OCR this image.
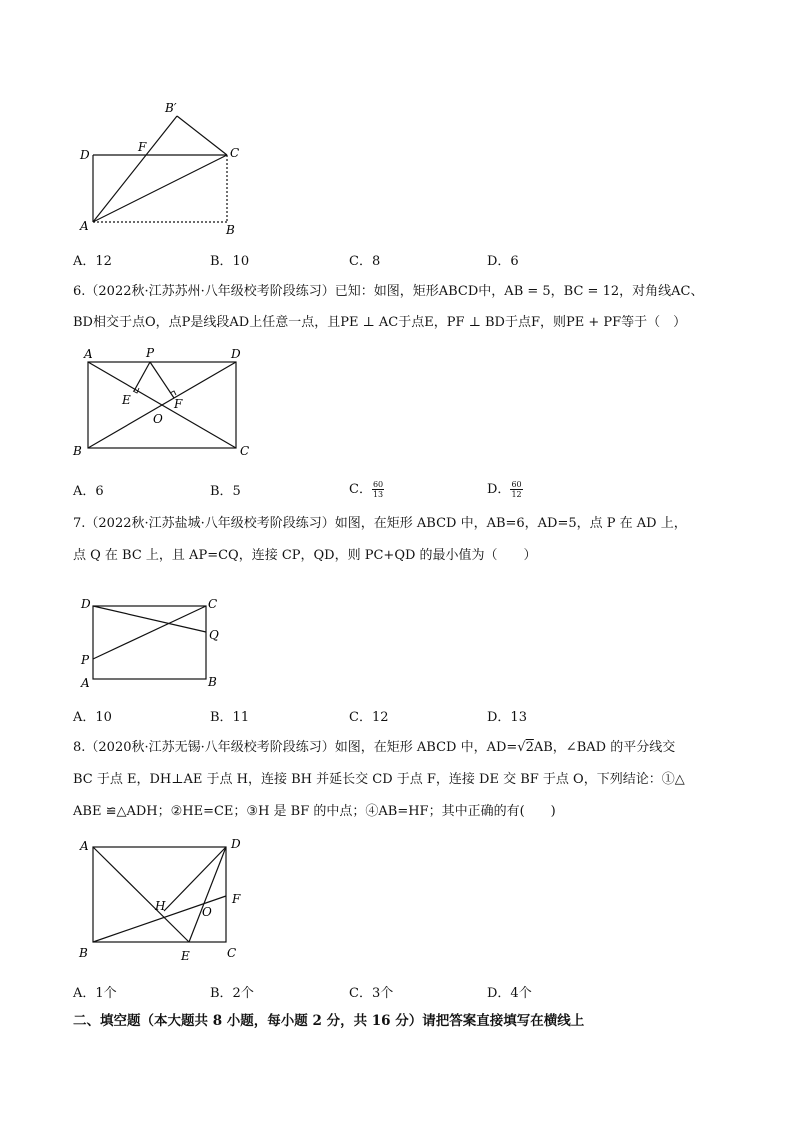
B′
D
F	C
A	B
A．12	B．10	C．8	D．6
6.（2022秋·江苏苏州·八年级校考阶段练习）已知：如图，矩形ABCD中，AB = 5，BC = 12，对角线AC、
BD相交于点O，点P是线段AD上任意一点，且PE ⊥ AC于点E，PF ⊥ BD于点F，则PE + PF等于（　）
A	P	D
E	F
O
B	C
A．6	B．5	C． $\frac{60}{13}$	D． $\frac{60}{12}$
7.（2022秋·江苏盐城·八年级校考阶段练习）如图，在矩形 ABCD 中，AB=6，AD=5，点 P 在 AD 上，
点 Q 在 BC 上，且 AP=CQ，连接 CP，QD，则 PC+QD 的最小值为（　　）
D	C
Q
P
A	B
A．10	B．11	C．12	D．13
8.（2020秋·江苏无锡·八年级校考阶段练习）如图，在矩形 ABCD 中，AD=√2AB，∠BAD 的平分线交
BC 于点 E，DH⊥AE 于点 H，连接 BH 并延长交 CD 于点 F，连接 DE 交 BF 于点 O，下列结论：①△
ABE ≌△ADH；②HE=CE；③H 是 BF 的中点；④AB=HF；其中正确的有(　　)
A	D
F
H	O
B	E	C
A．1个	B．2个	C．3个	D．4个
二、填空题（本大题共 8 小题，每小题 2 分，共 16 分）请把答案直接填写在横线上
